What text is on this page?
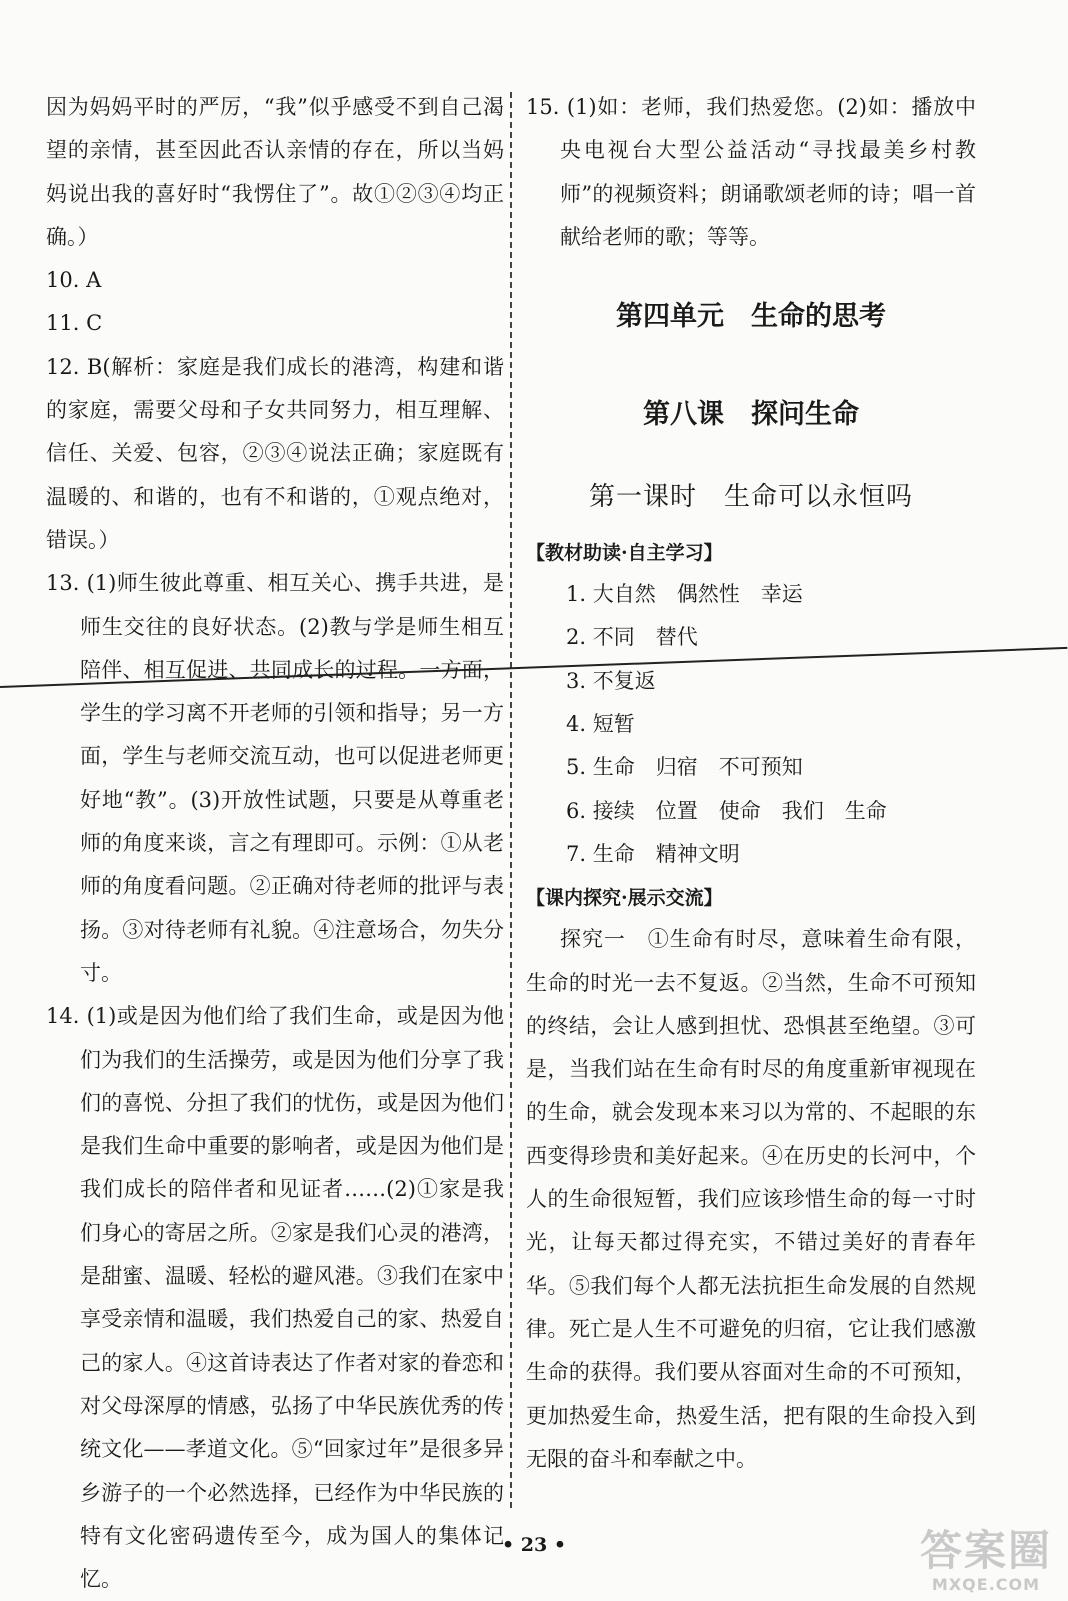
因为妈妈平时的严厉，“我”似乎感受不到自己渴望的亲情，甚至因此否认亲情的存在，所以当妈妈说出我的喜好时“我愣住了”。故①②③④均正确。）
10. A
11. C
12. B(解析：家庭是我们成长的港湾，构建和谐的家庭，需要父母和子女共同努力，相互理解、信任、关爱、包容，②③④说法正确；家庭既有温暖的、和谐的，也有不和谐的，①观点绝对，错误。）
13. (1)师生彼此尊重、相互关心、携手共进，是师生交往的良好状态。(2)教与学是师生相互陪伴、相互促进、共同成长的过程。一方面，学生的学习离不开老师的引领和指导；另一方面，学生与老师交流互动，也可以促进老师更好地“教”。(3)开放性试题，只要是从尊重老师的角度来谈，言之有理即可。示例：①从老师的角度看问题。②正确对待老师的批评与表扬。③对待老师有礼貌。④注意场合，勿失分寸。
14. (1)或是因为他们给了我们生命，或是因为他们为我们的生活操劳，或是因为他们分享了我们的喜悦、分担了我们的忧伤，或是因为他们是我们生命中重要的影响者，或是因为他们是我们成长的陪伴者和见证者……(2)①家是我们身心的寄居之所。②家是我们心灵的港湾，是甜蜜、温暖、轻松的避风港。③我们在家中享受亲情和温暖，我们热爱自己的家、热爱自己的家人。④这首诗表达了作者对家的眷恋和对父母深厚的情感，弘扬了中华民族优秀的传统文化——孝道文化。⑤“回家过年”是很多异乡游子的一个必然选择，已经作为中华民族的特有文化密码遗传至今，成为国人的集体记忆。
15. (1)如：老师，我们热爱您。(2)如：播放中央电视台大型公益活动“寻找最美乡村教师”的视频资料；朗诵歌颂老师的诗；唱一首献给老师的歌；等等。
第四单元　生命的思考
第八课　探问生命
第一课时　生命可以永恒吗
【教材助读·自主学习】
1. 大自然　偶然性　幸运
2. 不同　替代
3. 不复返
4. 短暂
5. 生命　归宿　不可预知
6. 接续　位置　使命　我们　生命
7. 生命　精神文明
【课内探究·展示交流】
探究一　①生命有时尽，意味着生命有限，生命的时光一去不复返。②当然，生命不可预知的终结，会让人感到担忧、恐惧甚至绝望。③可是，当我们站在生命有时尽的角度重新审视现在的生命，就会发现本来习以为常的、不起眼的东西变得珍贵和美好起来。④在历史的长河中，个人的生命很短暂，我们应该珍惜生命的每一寸时光，让每天都过得充实，不错过美好的青春年华。⑤我们每个人都无法抗拒生命发展的自然规律。死亡是人生不可避免的归宿，它让我们感激生命的获得。我们要从容面对生命的不可预知，更加热爱生命，热爱生活，把有限的生命投入到无限的奋斗和奉献之中。
• 23 •	答案圈
MXQE.COM
